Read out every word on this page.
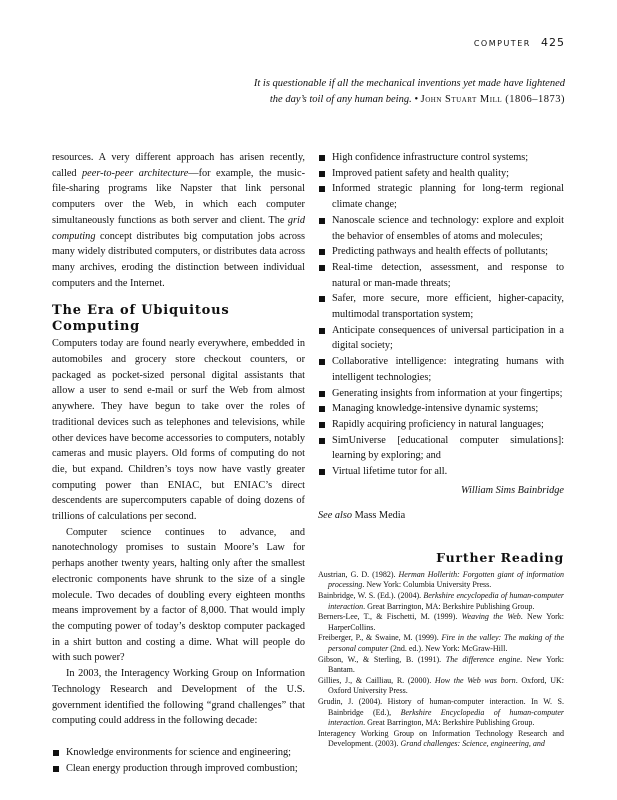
computer 425
It is questionable if all the mechanical inventions yet made have lightened
the day’s toil of any human being. • John Stuart Mill (1806–1873)

resources. A very different approach has arisen recently, called peer-to-peer architecture—for example, the music-file-sharing programs like Napster that link personal computers over the Web, in which each computer simultaneously functions as both server and client. The grid computing concept distributes big computation jobs across many widely distributed computers, or distributes data across many archives, eroding the distinction between individual computers and the Internet.

The Era of Ubiquitous Computing

Computers today are found nearly everywhere, embedded in automobiles and grocery store checkout counters, or packaged as pocket-sized personal digital assistants that allow a user to send e-mail or surf the Web from almost anywhere. They have begun to take over the roles of traditional devices such as telephones and televisions, while other devices have become accessories to computers, notably cameras and music players. Old forms of computing do not die, but expand. Children’s toys now have vastly greater computing power than ENIAC, but ENIAC’s direct descendents are supercomputers capable of doing dozens of trillions of calculations per second.

Computer science continues to advance, and nanotechnology promises to sustain Moore’s Law for perhaps another twenty years, halting only after the smallest electronic components have shrunk to the size of a single molecule. Two decades of doubling every eighteen months means improvement by a factor of 8,000. That would imply the computing power of today’s desktop computer packaged in a shirt button and costing a dime. What will people do with such power?

In 2003, the Interagency Working Group on Information Technology Research and Development of the U.S. government identified the following “grand challenges” that computing could address in the following decade:

Knowledge environments for science and engineering;
Clean energy production through improved combustion;
High confidence infrastructure control systems;
Improved patient safety and health quality;
Informed strategic planning for long-term regional climate change;
Nanoscale science and technology: explore and exploit the behavior of ensembles of atoms and molecules;
Predicting pathways and health effects of pollutants;
Real-time detection, assessment, and response to natural or man-made threats;
Safer, more secure, more efficient, higher-capacity, multimodal transportation system;
Anticipate consequences of universal participation in a digital society;
Collaborative intelligence: integrating humans with intelligent technologies;
Generating insights from information at your fingertips;
Managing knowledge-intensive dynamic systems;
Rapidly acquiring proficiency in natural languages;
SimUniverse [educational computer simulations]: learning by exploring; and
Virtual lifetime tutor for all.
William Sims Bainbridge
See also Mass Media
Further Reading
Austrian, G. D. (1982). Herman Hollerith: Forgotten giant of information processing. New York: Columbia University Press.
Bainbridge, W. S. (Ed.). (2004). Berkshire encyclopedia of human-computer interaction. Great Barrington, MA: Berkshire Publishing Group.
Berners-Lee, T., & Fischetti, M. (1999). Weaving the Web. New York: HarperCollins.
Freiberger, P., & Swaine, M. (1999). Fire in the valley: The making of the personal computer (2nd. ed.). New York: McGraw-Hill.
Gibson, W., & Sterling, B. (1991). The difference engine. New York: Bantam.
Gillies, J., & Cailliau, R. (2000). How the Web was born. Oxford, UK: Oxford University Press.
Grudin, J. (2004). History of human-computer interaction. In W. S. Bainbridge (Ed.), Berkshire Encyclopedia of human-computer interaction. Great Barrington, MA: Berkshire Publishing Group.
Interagency Working Group on Information Technology Research and Development. (2003). Grand challenges: Science, engineering, and
